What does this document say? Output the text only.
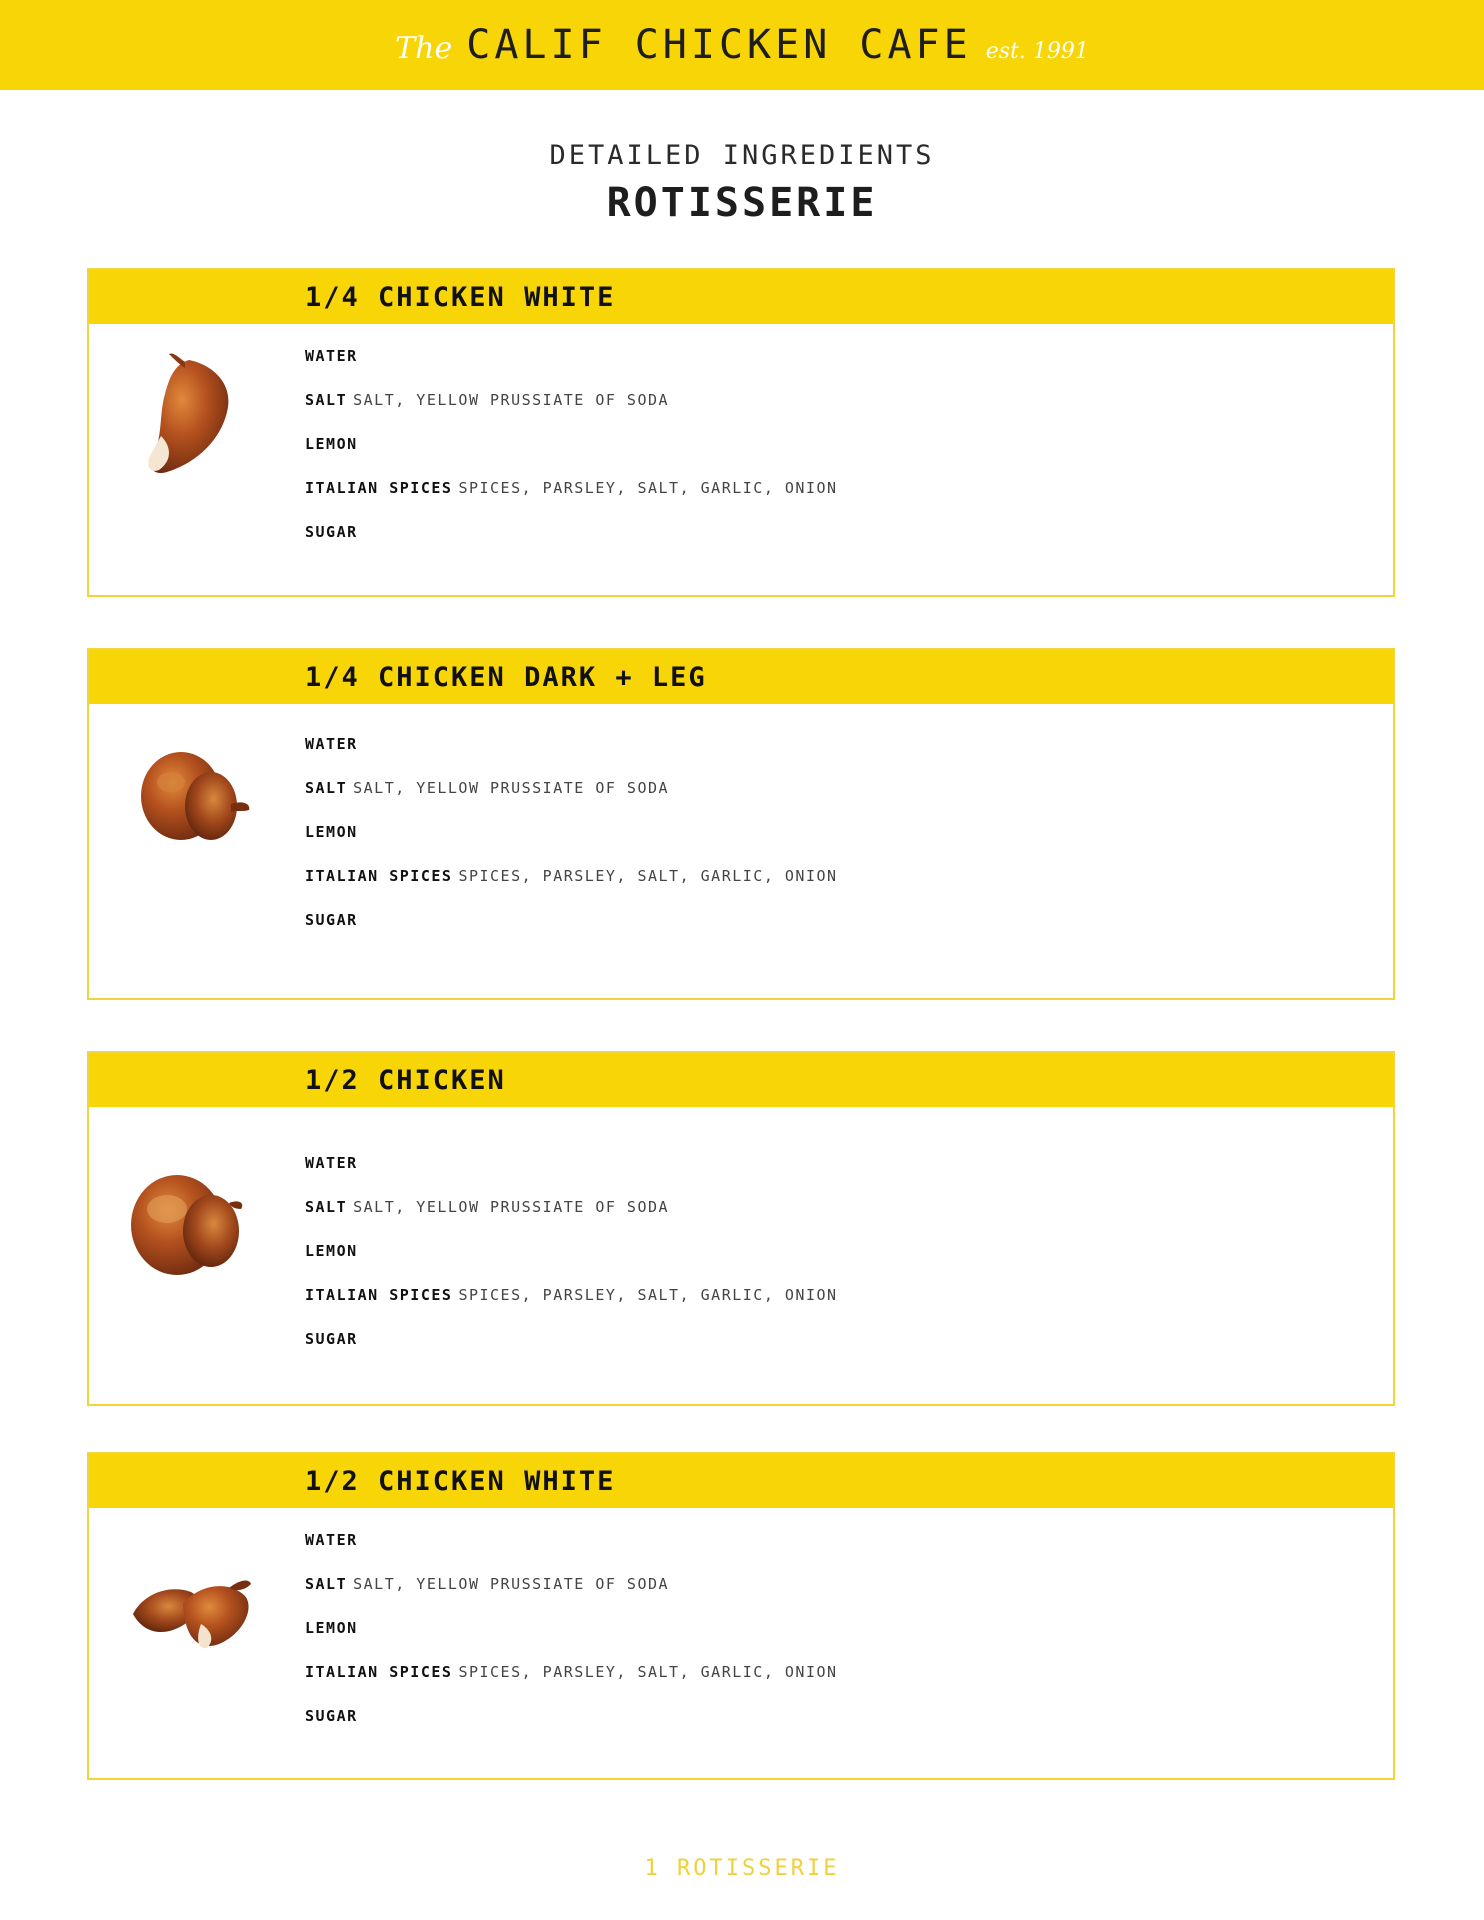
The CALIF CHICKEN CAFE est. 1991
DETAILED INGREDIENTS
ROTISSERIE
1/4 CHICKEN WHITE
WATER
SALT SALT, YELLOW PRUSSIATE OF SODA
LEMON
ITALIAN SPICES SPICES, PARSLEY, SALT, GARLIC, ONION
SUGAR
1/4 CHICKEN DARK + LEG
WATER
SALT SALT, YELLOW PRUSSIATE OF SODA
LEMON
ITALIAN SPICES SPICES, PARSLEY, SALT, GARLIC, ONION
SUGAR
1/2 CHICKEN
WATER
SALT SALT, YELLOW PRUSSIATE OF SODA
LEMON
ITALIAN SPICES SPICES, PARSLEY, SALT, GARLIC, ONION
SUGAR
1/2 CHICKEN WHITE
WATER
SALT SALT, YELLOW PRUSSIATE OF SODA
LEMON
ITALIAN SPICES SPICES, PARSLEY, SALT, GARLIC, ONION
SUGAR
1 ROTISSERIE
